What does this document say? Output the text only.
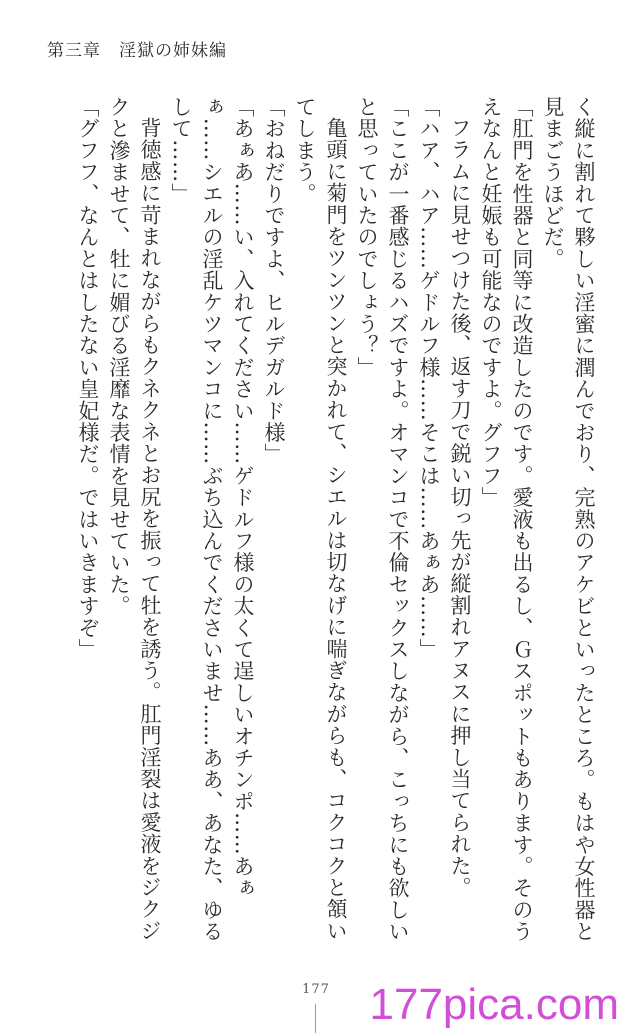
第三章　淫獄の姉妹編

く縦に割れて夥しい淫蜜に潤んでおり、完熟のアケビといったところ。もはや女性器と見まごうほどだ。

「肛門を性器と同等に改造したのです。愛液も出るし、Ｇスポットもあります。そのうえなんと妊娠も可能なのですよ。グフフ」

フラムに見せつけた後、返す刀で鋭い切っ先が縦割れアヌスに押し当てられた。

「ハア、ハア……ゲドルフ様……そこは……あぁあ……」

「ここが一番感じるハズですよ。オマンコで不倫セックスしながら、こっちにも欲しいと思っていたのでしょう？」

亀頭に菊門をツンツンと突かれて、シエルは切なげに喘ぎながらも、コクコクと頷いてしまう。

「おねだりですよ、ヒルデガルド様」

「あぁあ……い、入れてください……ゲドルフ様の太くて逞しいオチンポ……あぁぁ……シエルの淫乱ケツマンコに……ぶち込んでくださいませ……ああ、あなた、ゆるして……」

背徳感に苛まれながらもクネクネとお尻を振って牡を誘う。肛門淫裂は愛液をジクジクと滲ませて、牡に媚びる淫靡な表情を見せていた。

「グフフ、なんとはしたない皇妃様だ。ではいきますぞ」

177 177pica.com
